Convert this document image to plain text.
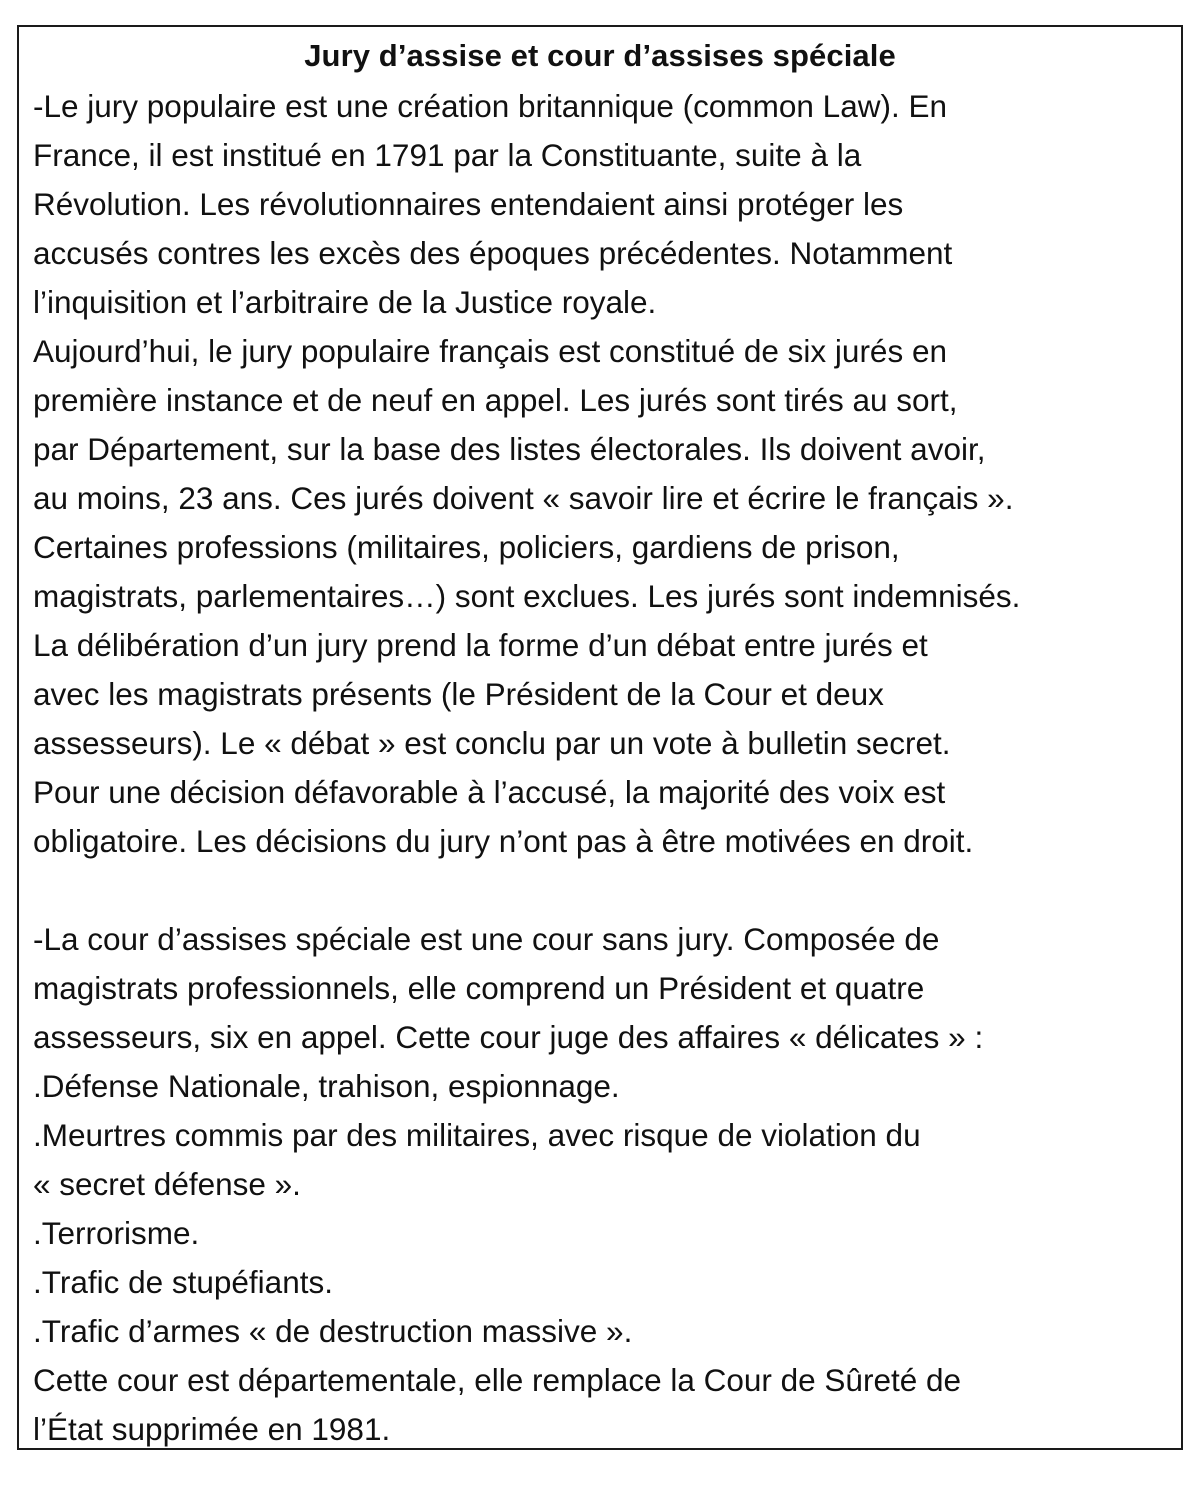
Jury d’assise et cour d’assises spéciale
-Le jury populaire est une création britannique (common Law). En
France, il est institué en 1791 par la Constituante, suite à la
Révolution. Les révolutionnaires entendaient ainsi protéger les
accusés contres les excès des époques précédentes. Notamment
l’inquisition et l’arbitraire de la Justice royale.
Aujourd’hui, le jury populaire français est constitué de six jurés en
première instance et de neuf en appel. Les jurés sont tirés au sort,
par Département, sur la base des listes électorales. Ils doivent avoir,
au moins, 23 ans. Ces jurés doivent « savoir lire et écrire le français ».
Certaines professions (militaires, policiers, gardiens de prison,
magistrats, parlementaires…) sont exclues. Les jurés sont indemnisés.
La délibération d’un jury prend la forme d’un débat entre jurés et
avec les magistrats présents (le Président de la Cour et deux
assesseurs). Le « débat » est conclu par un vote à bulletin secret.
Pour une décision défavorable à l’accusé, la majorité des voix est
obligatoire. Les décisions du jury n’ont pas à être motivées en droit.
-La cour d’assises spéciale est une cour sans jury. Composée de
magistrats professionnels, elle comprend un Président et quatre
assesseurs, six en appel. Cette cour juge des affaires « délicates » :
.Défense Nationale, trahison, espionnage.
.Meurtres commis par des militaires, avec risque de violation du
« secret défense ».
.Terrorisme.
.Trafic de stupéfiants.
.Trafic d’armes « de destruction massive ».
Cette cour est départementale, elle remplace la Cour de Sûreté de
l’État supprimée en 1981.
